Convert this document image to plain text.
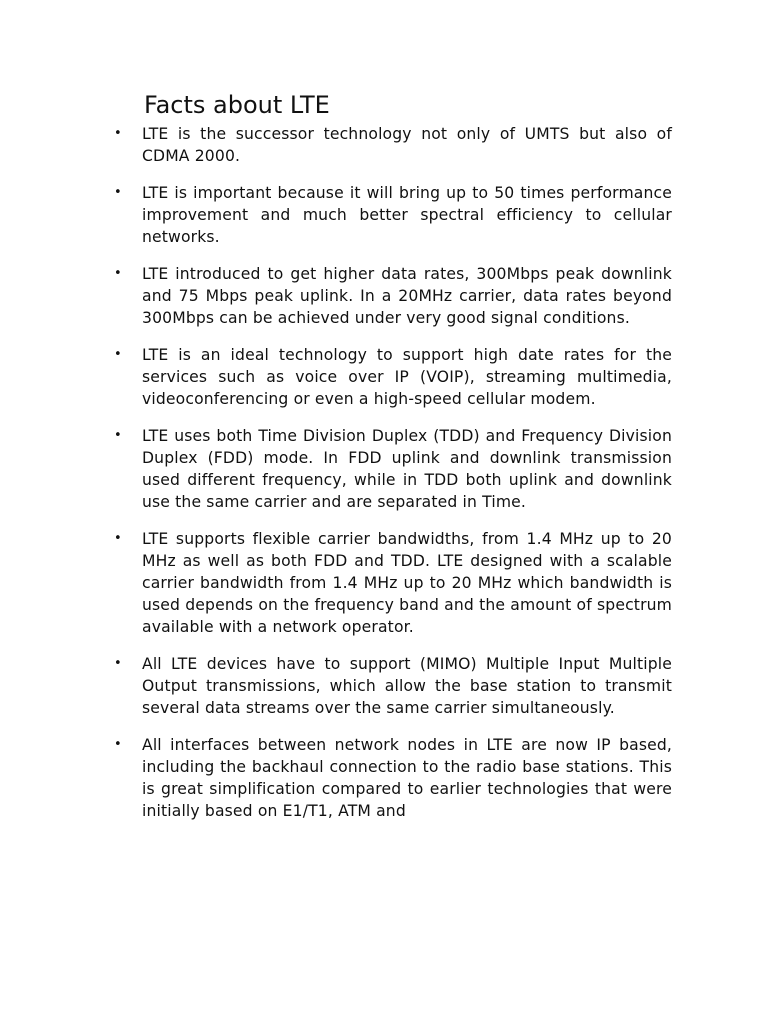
Facts about LTE
• LTE is the successor technology not only of UMTS but also of CDMA 2000.
• LTE is important because it will bring up to 50 times performance improvement and much better spectral efficiency to cellular networks.
• LTE introduced to get higher data rates, 300Mbps peak downlink and 75 Mbps peak uplink. In a 20MHz carrier, data rates beyond 300Mbps can be achieved under very good signal conditions.
• LTE is an ideal technology to support high date rates for the services such as voice over IP (VOIP), streaming multimedia, videoconferencing or even a high-speed cellular modem.
• LTE uses both Time Division Duplex (TDD) and Frequency Division Duplex (FDD) mode. In FDD uplink and downlink transmission used different frequency, while in TDD both uplink and downlink use the same carrier and are separated in Time.
• LTE supports flexible carrier bandwidths, from 1.4 MHz up to 20 MHz as well as both FDD and TDD. LTE designed with a scalable carrier bandwidth from 1.4 MHz up to 20 MHz which bandwidth is used depends on the frequency band and the amount of spectrum available with a network operator.
• All LTE devices have to support (MIMO) Multiple Input Multiple Output transmissions, which allow the base station to transmit several data streams over the same carrier simultaneously.
• All interfaces between network nodes in LTE are now IP based, including the backhaul connection to the radio base stations. This is great simplification compared to earlier technologies that were initially based on E1/T1, ATM and
